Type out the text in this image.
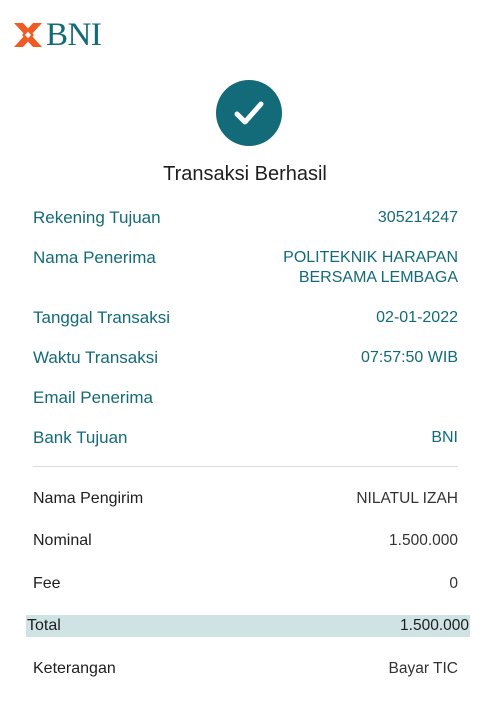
BNI
Transaksi Berhasil
Rekening Tujuan	305214247
Nama Penerima	POLITEKNIK HARAPAN
BERSAMA LEMBAGA
Tanggal Transaksi	02-01-2022
Waktu Transaksi	07:57:50 WIB
Email Penerima
Bank Tujuan	BNI
Nama Pengirim	NILATUL IZAH
Nominal	1.500.000
Fee	0
Total	1.500.000
Keterangan	Bayar TIC
